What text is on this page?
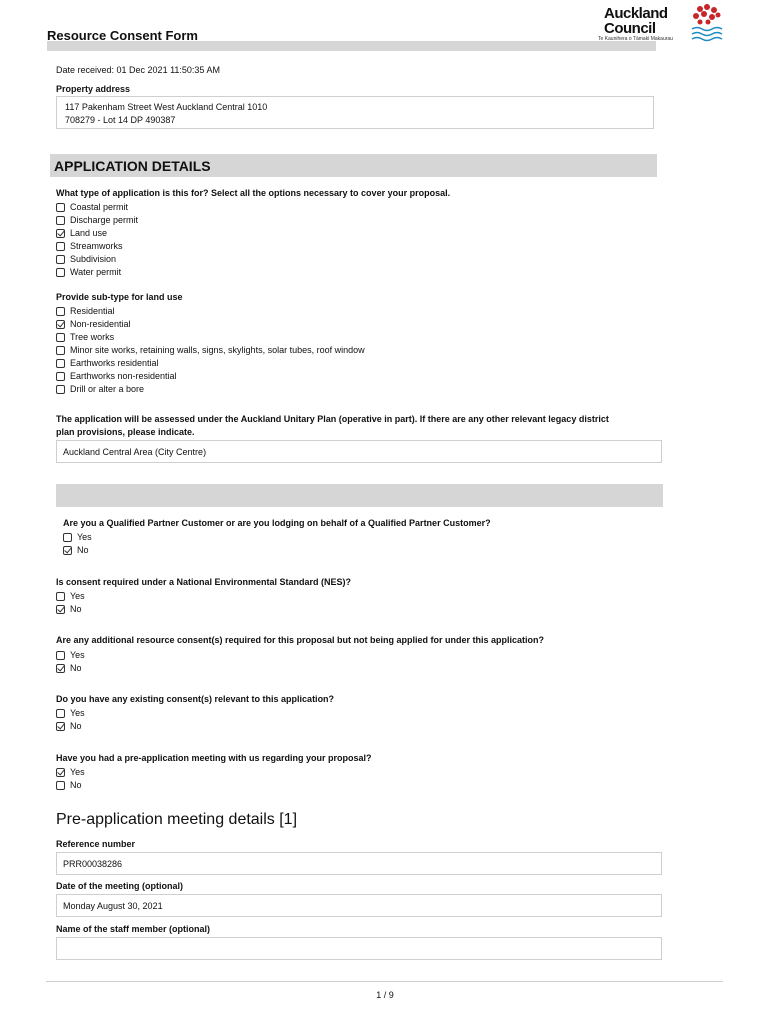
Resource Consent Form
Auckland
Council
Te Kaunihera o Tāmaki Makaurau
Date received: 01 Dec 2021 11:50:35 AM
Property address
117 Pakenham Street West Auckland Central 1010
708279 - Lot 14 DP 490387
APPLICATION DETAILS
What type of application is this for? Select all the options necessary to cover your proposal.
Coastal permit
Discharge permit
Land use
Streamworks
Subdivision
Water permit
Provide sub-type for land use
Residential
Non-residential
Tree works
Minor site works, retaining walls, signs, skylights, solar tubes, roof window
Earthworks residential
Earthworks non-residential
Drill or alter a bore
The application will be assessed under the Auckland Unitary Plan (operative in part). If there are any other relevant legacy district
plan provisions, please indicate.
Auckland Central Area (City Centre)
Are you a Qualified Partner Customer or are you lodging on behalf of a Qualified Partner Customer?
Yes
No
Is consent required under a National Environmental Standard (NES)?
Yes
No
Are any additional resource consent(s) required for this proposal but not being applied for under this application?
Yes
No
Do you have any existing consent(s) relevant to this application?
Yes
No
Have you had a pre-application meeting with us regarding your proposal?
Yes
No
Pre-application meeting details [1]
Reference number
PRR00038286
Date of the meeting (optional)
Monday August 30, 2021
Name of the staff member (optional)
1 / 9
